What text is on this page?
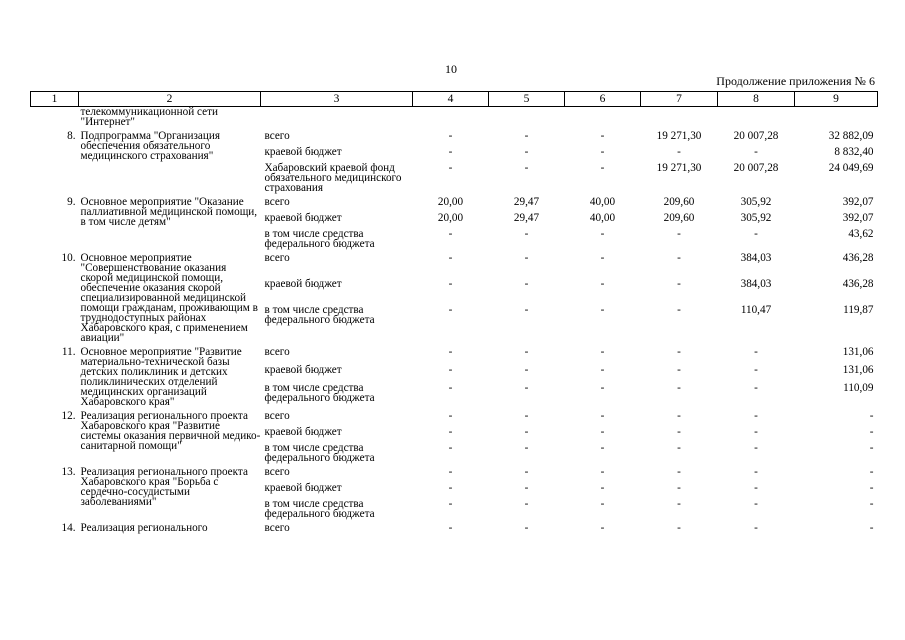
10
Продолжение приложения № 6
1	2	3	4	5	6	7	8	9
	телекоммуникационной сети "Интернет"							
8.	Подпрограмма "Организация обеспечения обязательного медицинского страхования"	всего	-	-	-	19 271,30	20 007,28	32 882,09
		краевой бюджет	-	-	-	-	-	8 832,40
		Хабаровский краевой фонд обязательного медицинского страхования	-	-	-	19 271,30	20 007,28	24 049,69
9.	Основное мероприятие "Оказание паллиативной медицинской помощи, в том числе детям"	всего	20,00	29,47	40,00	209,60	305,92	392,07
		краевой бюджет	20,00	29,47	40,00	209,60	305,92	392,07
		в том числе средства федерального бюджета	-	-	-	-	-	43,62
10.	Основное мероприятие "Совершенствование оказания скорой медицинской помощи, обеспечение оказания скорой специализированной медицинской помощи гражданам, проживающим в труднодоступных районах Хабаровского края, с применением авиации"	всего	-	-	-	-	384,03	436,28
		краевой бюджет	-	-	-	-	384,03	436,28
		в том числе средства федерального бюджета	-	-	-	-	110,47	119,87
11.	Основное мероприятие "Развитие материально-технической базы детских поликлиник и детских поликлинических отделений медицинских организаций Хабаровского края"	всего	-	-	-	-	-	131,06
		краевой бюджет	-	-	-	-	-	131,06
		в том числе средства федерального бюджета	-	-	-	-	-	110,09
12.	Реализация регионального проекта Хабаровского края "Развитие системы оказания первичной медико-санитарной помощи"	всего	-	-	-	-	-	-
		краевой бюджет	-	-	-	-	-	-
		в том числе средства федерального бюджета	-	-	-	-	-	-
13.	Реализация регионального проекта Хабаровского края "Борьба с сердечно-сосудистыми заболеваниями"	всего	-	-	-	-	-	-
		краевой бюджет	-	-	-	-	-	-
		в том числе средства федерального бюджета	-	-	-	-	-	-
14.	Реализация регионального	всего	-	-	-	-	-	-
